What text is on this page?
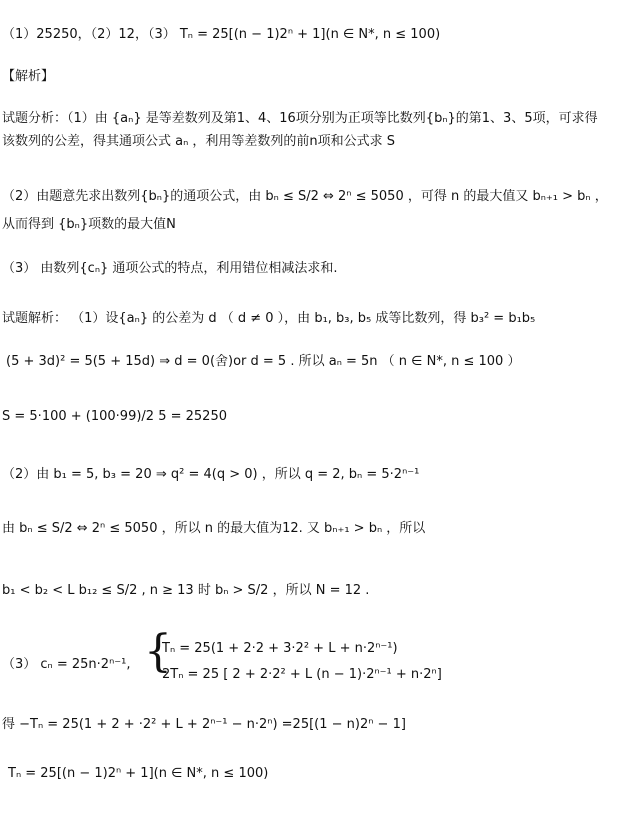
（1）25250，（2）12，（3） Tₙ = 25[(n − 1)2ⁿ + 1](n ∈ N*, n ≤ 100)
【解析】
试题分析：（1）由 {aₙ} 是等差数列及第1、4、16项分别为正项等比数列{bₙ}的第1、3、5项，可求得
该数列的公差，得其通项公式 aₙ ，利用等差数列的前n项和公式求 S
（2）由题意先求出数列{bₙ}的通项公式，由 bₙ ≤ S/2 ⇔ 2ⁿ ≤ 5050 ，可得 n 的最大值又 bₙ₊₁ > bₙ ，
从而得到 {bₙ}项数的最大值N
（3） 由数列{cₙ} 通项公式的特点，利用错位相减法求和.
试题解析： （1）设{aₙ} 的公差为 d （ d ≠ 0 ），由 b₁, b₃, b₅ 成等比数列，得 b₃² = b₁b₅
(5 + 3d)² = 5(5 + 15d) ⇒ d = 0(舍)or d = 5 . 所以 aₙ = 5n （ n ∈ N*, n ≤ 100 ）
S = 5·100 + (100·99)/2 5 = 25250
（2）由 b₁ = 5, b₃ = 20 ⇒ q² = 4(q > 0) ，所以 q = 2, bₙ = 5·2ⁿ⁻¹
由 bₙ ≤ S/2 ⇔ 2ⁿ ≤ 5050 ，所以 n 的最大值为12. 又 bₙ₊₁ > bₙ ，所以
b₁ < b₂ < L b₁₂ ≤ S/2 , n ≥ 13 时 bₙ > S/2 ，所以 N = 12 .
（3） cₙ = 25n·2ⁿ⁻¹, {
Tₙ = 25(1 + 2·2 + 3·2² + L + n·2ⁿ⁻¹)
2Tₙ = 25 [ 2 + 2·2² + L (n − 1)·2ⁿ⁻¹ + n·2ⁿ]
得 −Tₙ = 25(1 + 2 + ·2² + L + 2ⁿ⁻¹ − n·2ⁿ) =25[(1 − n)2ⁿ − 1]
Tₙ = 25[(n − 1)2ⁿ + 1](n ∈ N*, n ≤ 100)
